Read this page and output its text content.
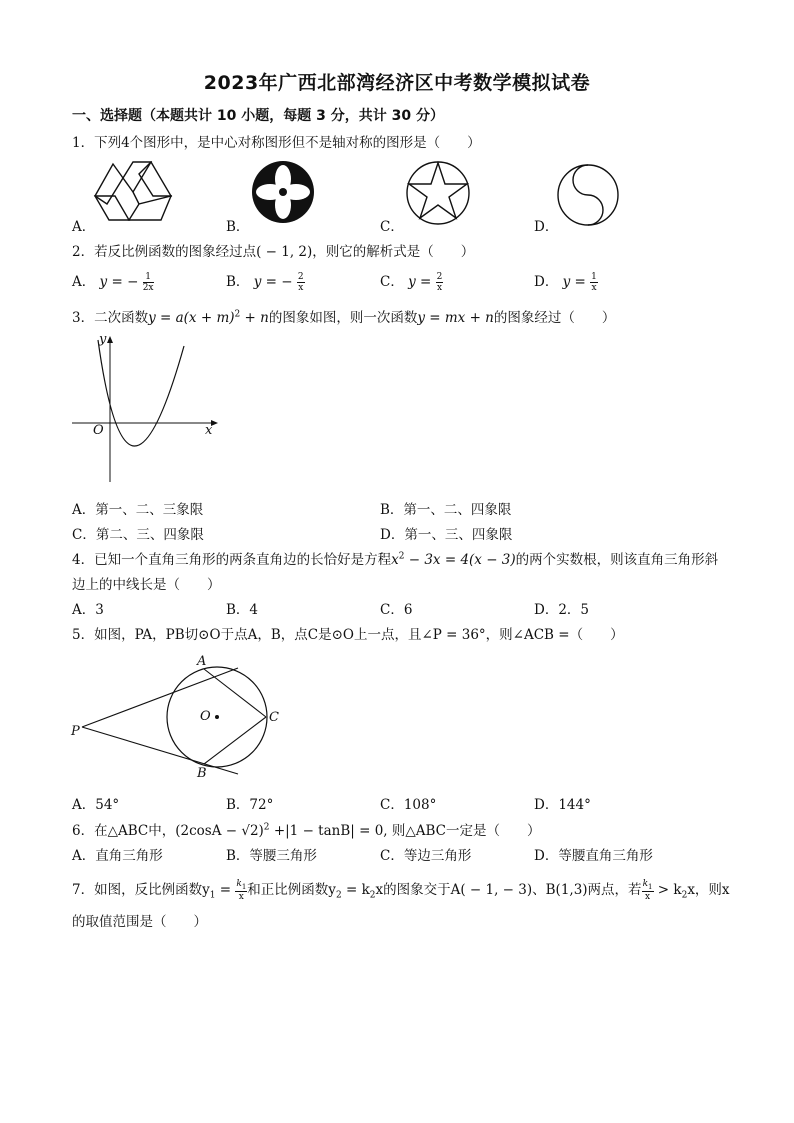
2023年广西北部湾经济区中考数学模拟试卷
一、选择题（本题共计 10 小题，每题 3 分，共计 30 分）
1．下列4个图形中，是中心对称图形但不是轴对称的图形是（　　）
A．	B．	C．	D．
2．若反比例函数的图象经过点( − 1, 2)，则它的解析式是（　　）
A． y = − $\frac{1}{2x}$	B． y = − $\frac{2}{x}$	C． $y = \frac{2}{x}$	D． $y = \frac{1}{x}$
3．二次函数$y = a(x + m)^2 + n$的图象如图，则一次函数y = mx + n的图象经过（　　）
y
x
O
A．第一、二、三象限	B．第一、二、四象限
C．第二、三、四象限	D．第一、三、四象限
4．已知一个直角三角形的两条直角边的长恰好是方程$x^2 - 3x = 4(x - 3)$的两个实数根，则该直角三角形斜
边上的中线长是（　　）
A．3	B．4	C．6	D．2．5
5．如图，PA，PB切⊙O于点A，B，点C是⊙O上一点，且∠P = 36°，则∠ACB =（　　）
A
B
C
O
P
A．54°	B．72°	C．108°	D．144°
6．在△ABC中，$(2\cos A - √2)^2 +|1 - \tan B| = 0$, 则△ABC一定是（　　）
A．直角三角形	B．等腰三角形	C．等边三角形	D．等腰直角三角形
7．如图，反比例函数$y_1 = \frac{k_1}{x}$ 和正比例函数$y_2 = k_2x$的图象交于A( − 1, − 3)、B(1,3)两点，若 $\frac{k_1}{x} > k_2x$，则x
的取值范围是（　　）
